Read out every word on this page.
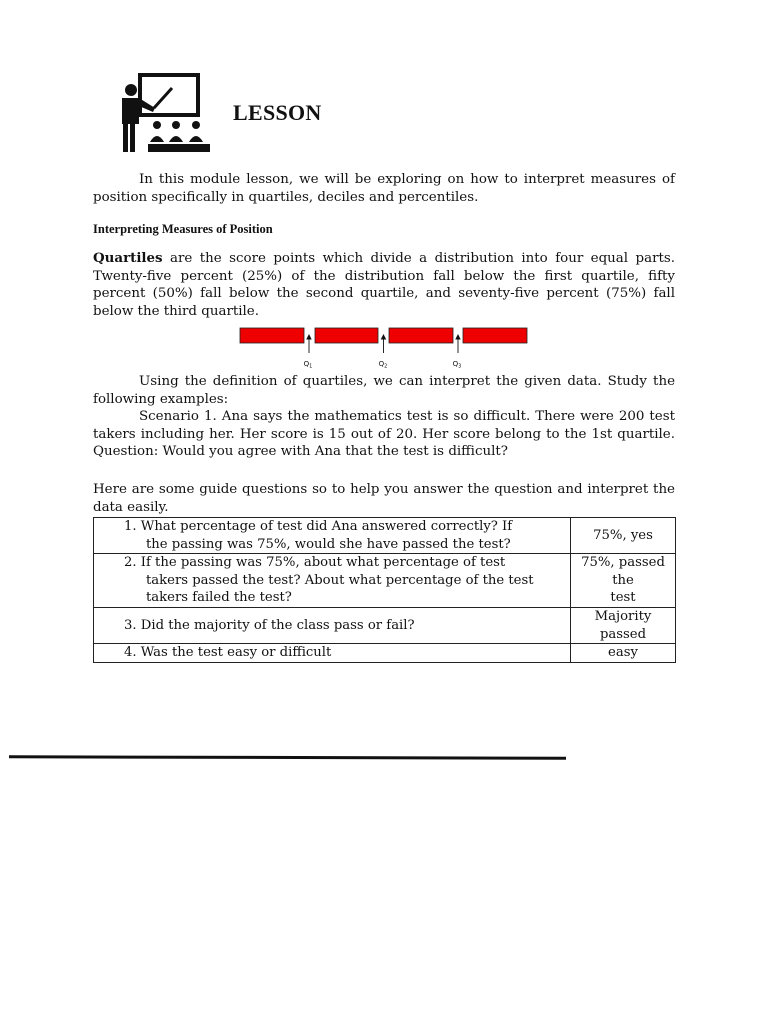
LESSON
In this module lesson, we will be exploring on how to interpret measures of
position specifically in quartiles, deciles and percentiles.
Interpreting Measures of Position
Quartiles are the score points which divide a distribution into four equal parts.
Twenty-five percent (25%) of the distribution fall below the first quartile, fifty
percent (50%) fall below the second quartile, and seventy-five percent (75%) fall
below the third quartile.
$Q_1$	$Q_2$	$Q_3$
Using the definition of quartiles, we can interpret the given data. Study the
following examples:
Scenario 1. Ana says the mathematics test is so difficult. There were 200 test
takers including her. Her score is 15 out of 20. Her score belong to the 1st quartile.
Question: Would you agree with Ana that the test is difficult?
Here are some guide questions so to help you answer the question and interpret the
data easily.
1. What percentage of test did Ana answered correctly? If
the passing was 75%, would she have passed the test?	75%, yes

2. If the passing was 75%, about what percentage of test
takers passed the test? About what percentage of the test
takers failed the test?	75%, passed the
test

3. Did the majority of the class pass or fail?	Majority passed

4. Was the test easy or difficult	easy
